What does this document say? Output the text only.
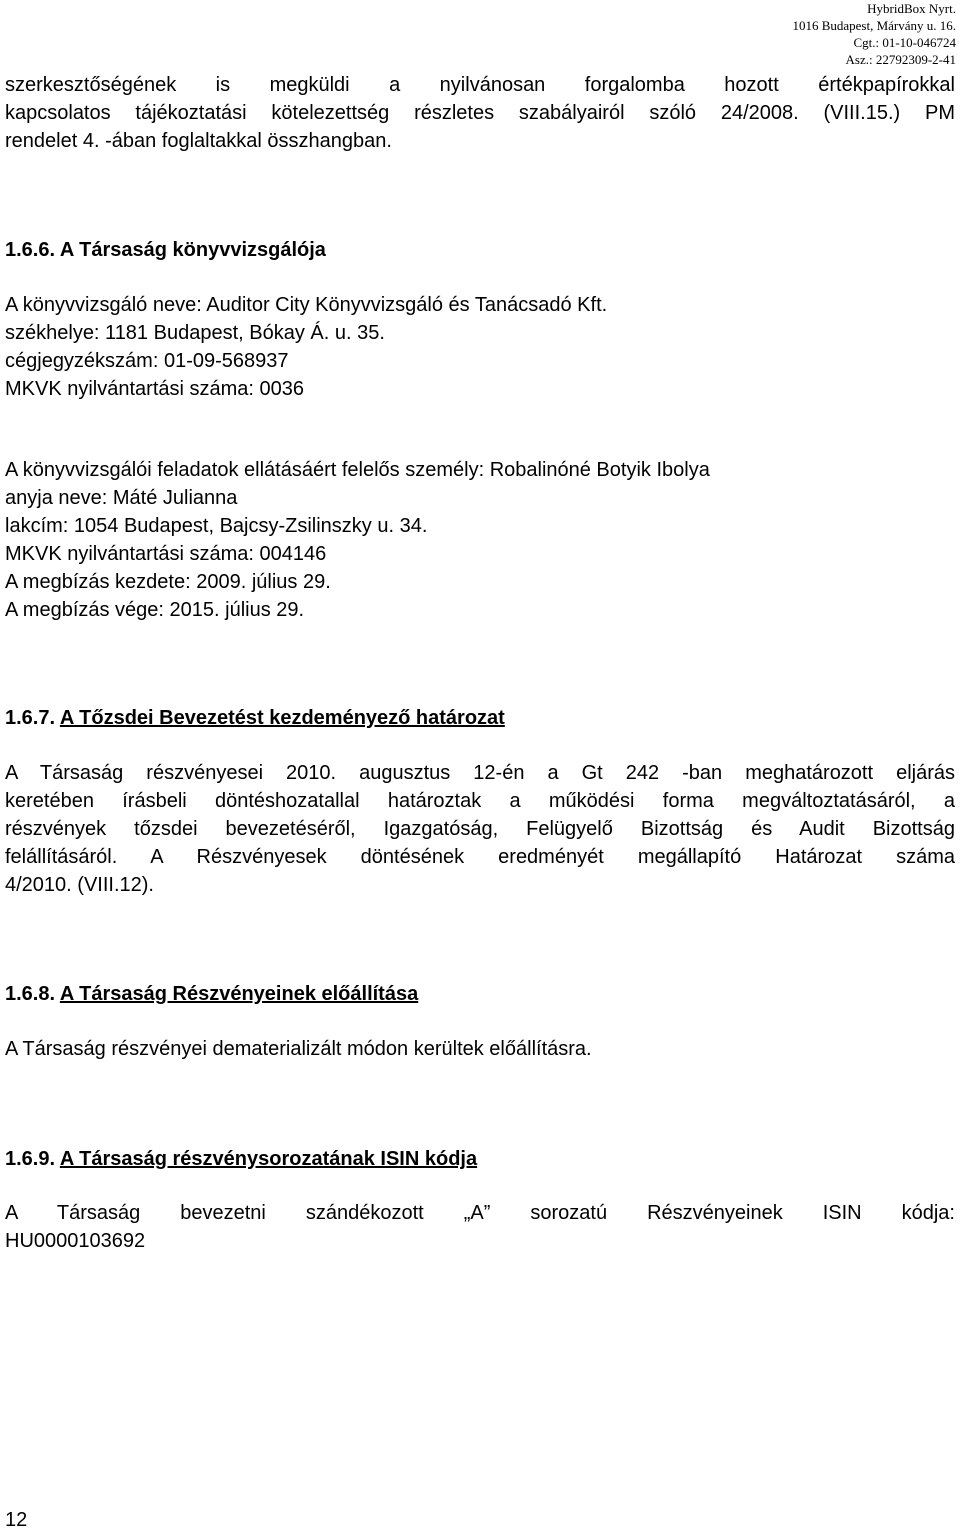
HybridBox Nyrt.
1016 Budapest, Márvány u. 16.
Cgt.: 01-10-046724
Asz.: 22792309-2-41
szerkesztőségének is megküldi a nyilvánosan forgalomba hozott értékpapírokkal
kapcsolatos tájékoztatási kötelezettség részletes szabályairól szóló 24/2008. (VIII.15.) PM
rendelet 4. -ában foglaltakkal összhangban.
1.6.6. A Társaság könyvvizsgálója
A könyvvizsgáló neve: Auditor City Könyvvizsgáló és Tanácsadó Kft.
székhelye: 1181 Budapest, Bókay Á. u. 35.
cégjegyzékszám: 01-09-568937
MKVK nyilvántartási száma: 0036
A könyvvizsgálói feladatok ellátásáért felelős személy: Robalinóné Botyik Ibolya
anyja neve: Máté Julianna
lakcím: 1054 Budapest, Bajcsy-Zsilinszky u. 34.
MKVK nyilvántartási száma: 004146
A megbízás kezdete: 2009. július 29.
A megbízás vége: 2015. július 29.
1.6.7. A Tőzsdei Bevezetést kezdeményező határozat
A Társaság részvényesei 2010. augusztus 12-én a Gt 242 -ban meghatározott eljárás
keretében írásbeli döntéshozatallal határoztak a működési forma megváltoztatásáról, a
részvények tőzsdei bevezetéséről, Igazgatóság, Felügyelő Bizottság és Audit Bizottság
felállításáról. A Részvényesek döntésének eredményét megállapító Határozat száma
4/2010. (VIII.12).
1.6.8. A Társaság Részvényeinek előállítása
A Társaság részvényei dematerializált módon kerültek előállításra.
1.6.9. A Társaság részvénysorozatának ISIN kódja
A Társaság bevezetni szándékozott „A” sorozatú Részvényeinek ISIN kódja:
HU0000103692
12
